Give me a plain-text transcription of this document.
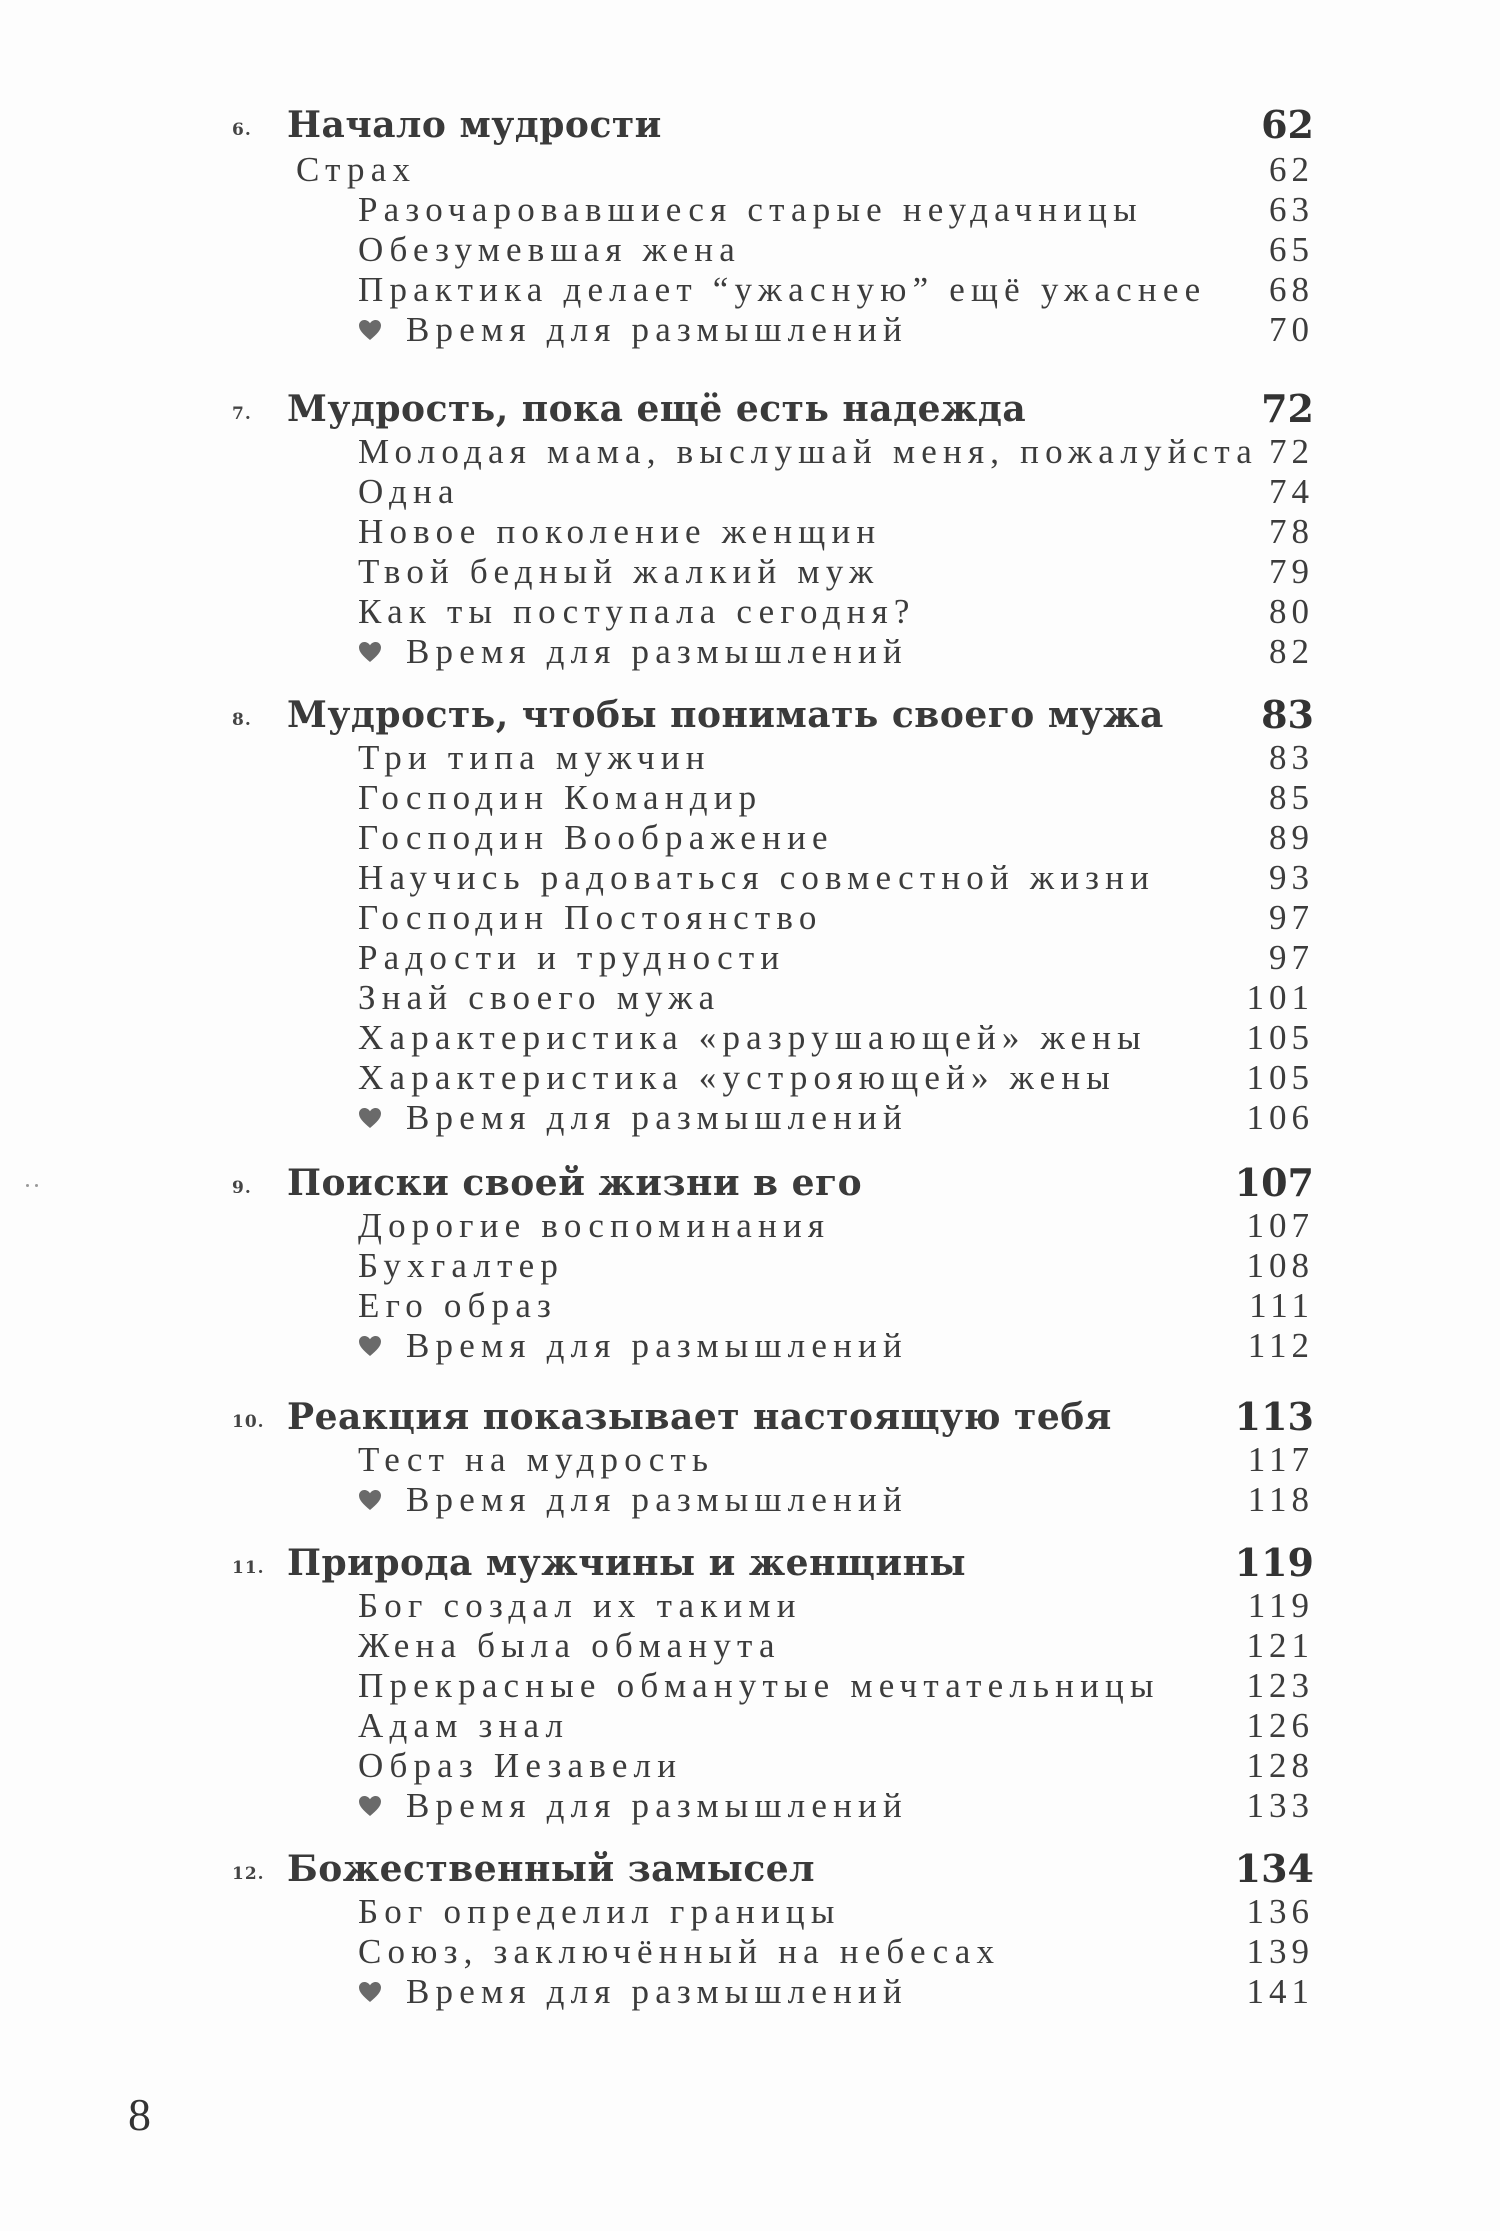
6. Начало мудрости	62
Страх	62
Разочаровавшиеся старые неудачницы	63
Обезумевшая жена	65
Практика делает “ужасную” ещё ужаснее 68
Время для размышлений	70
7. Мудрость, пока ещё есть надежда	72
Молодая мама, выслушай меня, пожалуйста 72
Одна	74
Новое поколение женщин	78
Твой бедный жалкий муж	79
Как ты поступала сегодня?	80
Время для размышлений	82
8. Мудрость, чтобы понимать своего мужа	83
Три типа мужчин	83
Господин Командир	85
Господин Воображение	89
Научись радоваться совместной жизни	93
Господин Постоянство	97
Радости и трудности	97
Знай своего мужа	101
Характеристика «разрушающей» жены	105
Характеристика «устрояющей» жены	105
Время для размышлений	106
9. Поиски своей жизни в его	107
Дорогие воспоминания	107
Бухгалтер	108
Его образ	111
Время для размышлений	112
10. Реакция показывает настоящую тебя	113
Тест на мудрость	117
Время для размышлений	118
11. Природа мужчины и женщины	119
Бог создал их такими	119
Жена была обманута	121
Прекрасные обманутые мечтательницы 123
Адам знал	126
Образ Иезавели	128
Время для размышлений	133
12. Божественный замысел	134
Бог определил границы	136
Союз, заключённый на небесах	139
Время для размышлений	141
8
